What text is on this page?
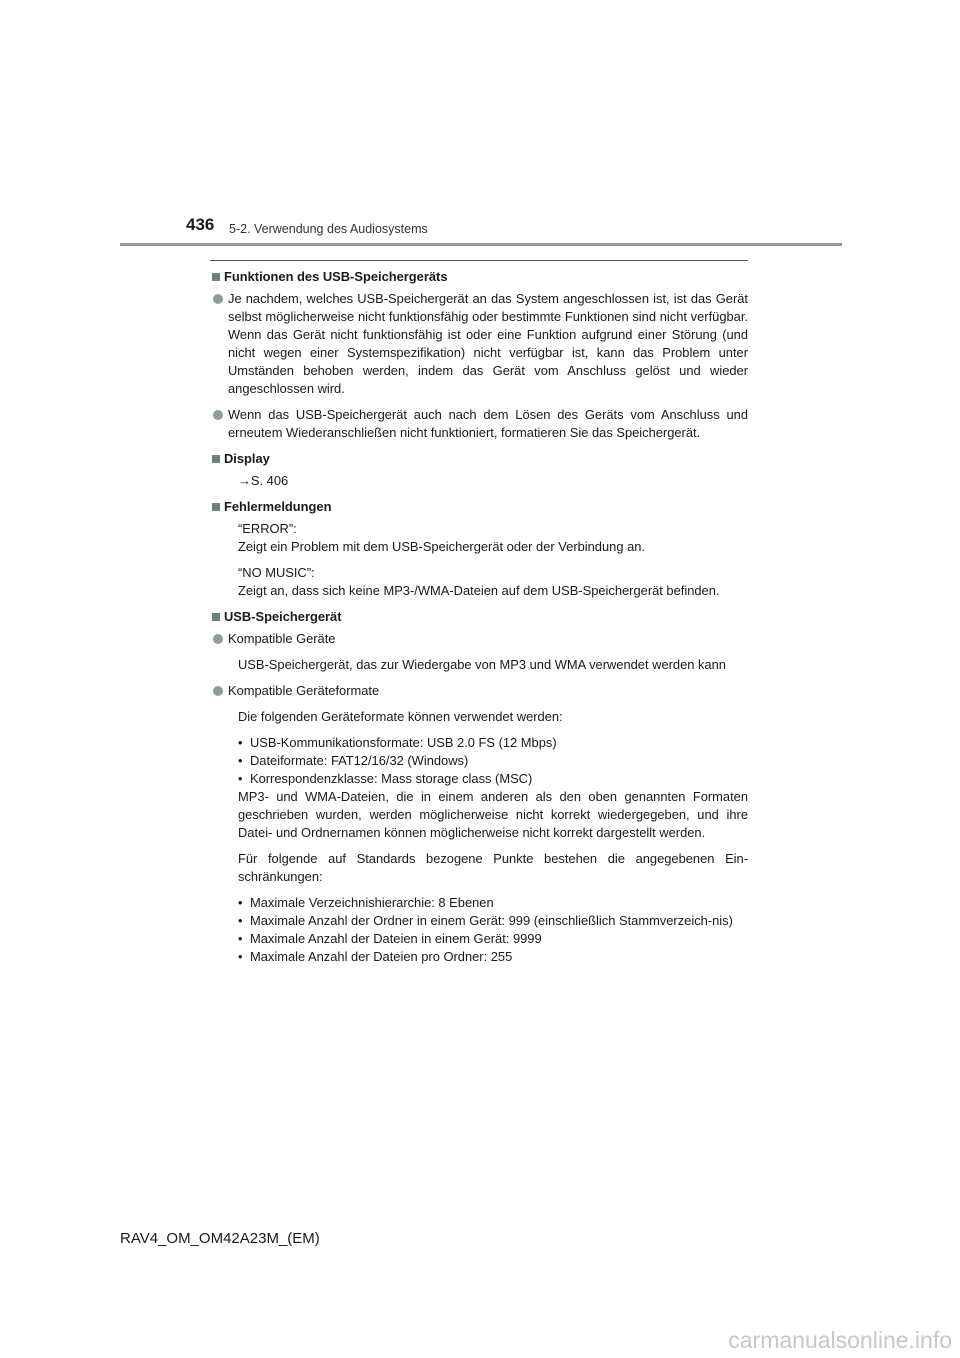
436 5-2. Verwendung des Audiosystems
Funktionen des USB-Speichergeräts
Je nachdem, welches USB-Speichergerät an das System angeschlossen ist, ist das Gerät selbst möglicherweise nicht funktionsfähig oder bestimmte Funktionen sind nicht verfügbar. Wenn das Gerät nicht funktionsfähig ist oder eine Funktion aufgrund einer Störung (und nicht wegen einer Systemspezifikation) nicht verfügbar ist, kann das Problem unter Umständen behoben werden, indem das Gerät vom Anschluss gelöst und wieder angeschlossen wird.
Wenn das USB-Speichergerät auch nach dem Lösen des Geräts vom Anschluss und erneutem Wiederanschließen nicht funktioniert, formatieren Sie das Speichergerät.
Display
→S. 406
Fehlermeldungen
“ERROR”:
Zeigt ein Problem mit dem USB-Speichergerät oder der Verbindung an.
“NO MUSIC”:
Zeigt an, dass sich keine MP3-/WMA-Dateien auf dem USB-Speichergerät befinden.
USB-Speichergerät
Kompatible Geräte
USB-Speichergerät, das zur Wiedergabe von MP3 und WMA verwendet werden kann
Kompatible Geräteformate
Die folgenden Geräteformate können verwendet werden:
• USB-Kommunikationsformate: USB 2.0 FS (12 Mbps)
• Dateiformate: FAT12/16/32 (Windows)
• Korrespondenzklasse: Mass storage class (MSC)
MP3- und WMA-Dateien, die in einem anderen als den oben genannten Formaten geschrieben wurden, werden möglicherweise nicht korrekt wiedergegeben, und ihre Datei- und Ordnernamen können möglicherweise nicht korrekt dargestellt werden.
Für folgende auf Standards bezogene Punkte bestehen die angegebenen Ein-schränkungen:
• Maximale Verzeichnishierarchie: 8 Ebenen
• Maximale Anzahl der Ordner in einem Gerät: 999 (einschließlich Stammverzeich-nis)
• Maximale Anzahl der Dateien in einem Gerät: 9999
• Maximale Anzahl der Dateien pro Ordner: 255
RAV4_OM_OM42A23M_(EM)
carmanualsonline.info
